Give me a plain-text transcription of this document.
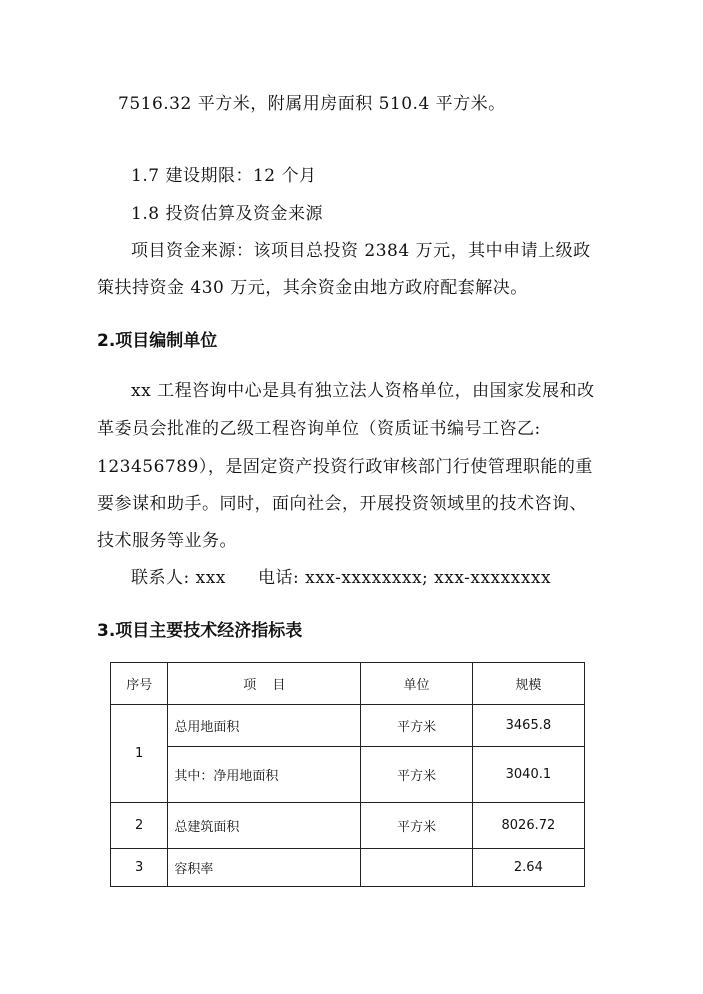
7516.32 平方米，附属用房面积 510.4 平方米。
1.7 建设期限：12 个月
1.8 投资估算及资金来源
项目资金来源：该项目总投资 2384 万元，其中申请上级政
策扶持资金 430 万元，其余资金由地方政府配套解决。
2.项目编制单位
xx 工程咨询中心是具有独立法人资格单位，由国家发展和改
革委员会批准的乙级工程咨询单位（资质证书编号工咨乙:
123456789），是固定资产投资行政审核部门行使管理职能的重
要参谋和助手。同时，面向社会，开展投资领域里的技术咨询、
技术服务等业务。
联系人: xxx 电话: xxx-xxxxxxxx; xxx-xxxxxxxx
3.项目主要技术经济指标表
序号	项 目	单位	规模
1	总用地面积	平方米	3465.8
	其中：净用地面积	平方米	3040.1
2	总建筑面积	平方米	8026.72
3	容积率		2.64
